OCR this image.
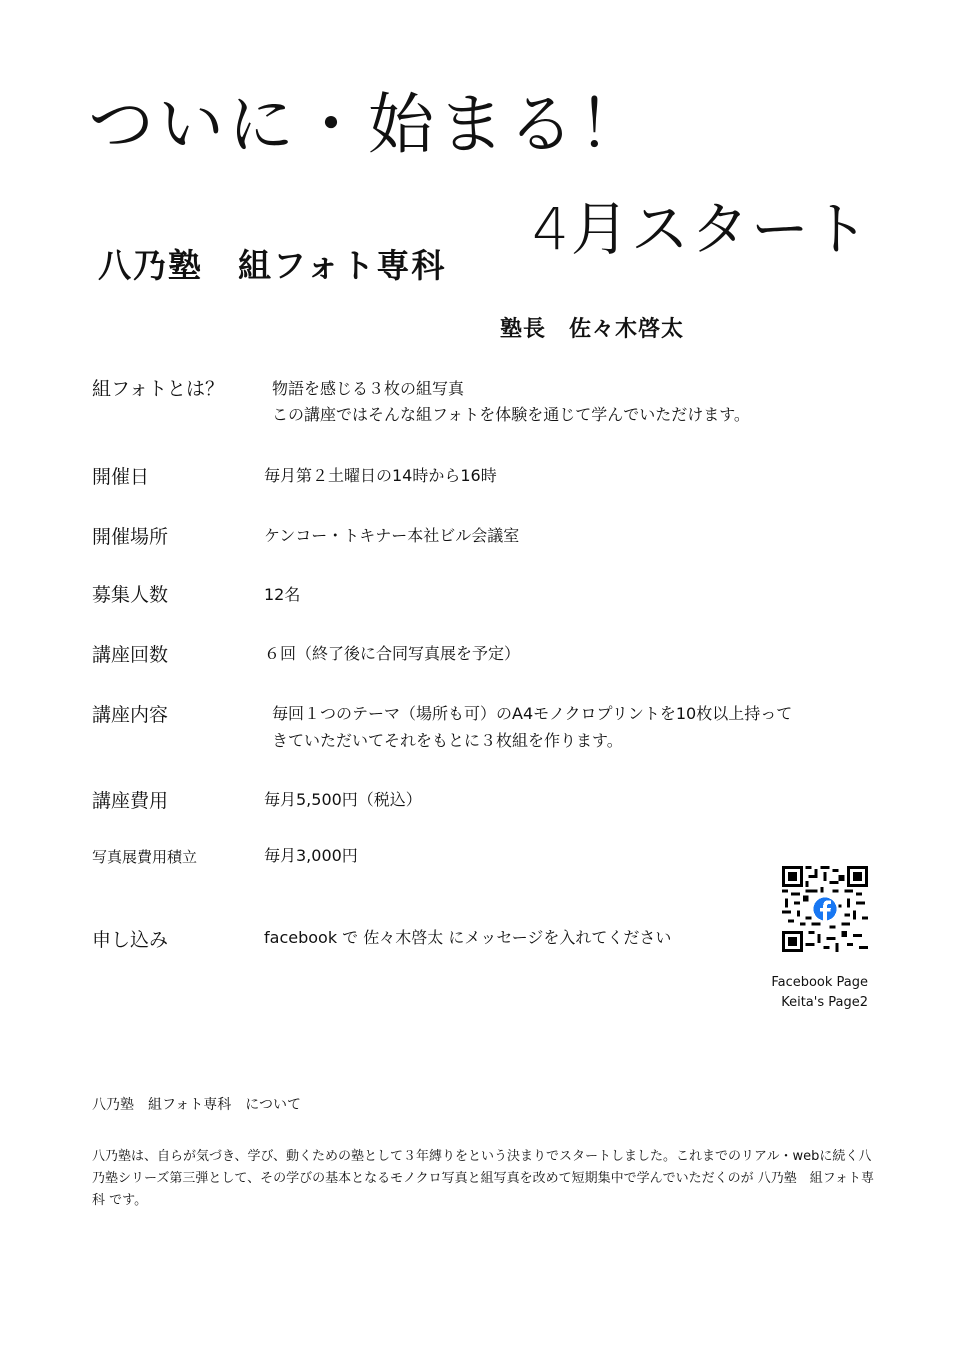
ついに・始まる！
4月スタート
八乃塾　組フォト専科
塾長　佐々木啓太
組フォトとは？	物語を感じる３枚の組写真
この講座ではそんな組フォトを体験を通じて学んでいただけます。
開催日	毎月第２土曜日の14時から16時
開催場所	ケンコー・トキナー本社ビル会議室
募集人数	12名
講座回数	６回（終了後に合同写真展を予定）
講座内容	毎回１つのテーマ（場所も可）のA4モノクロプリントを10枚以上持って
きていただいてそれをもとに３枚組を作ります。
講座費用	毎月5,500円（税込）
写真展費用積立	毎月3,000円
申し込み	facebook で 佐々木啓太 にメッセージを入れてください
Facebook Page
Keita's Page2
八乃塾　組フォト専科　について
八乃塾は、自らが気づき、学び、動くための塾として３年縛りをという決まりでスタートしました。これまでのリアル・webに続く八乃塾シリーズ第三弾として、その学びの基本となるモノクロ写真と組写真を改めて短期集中で学んでいただくのが 八乃塾　組フォト専科 です。
